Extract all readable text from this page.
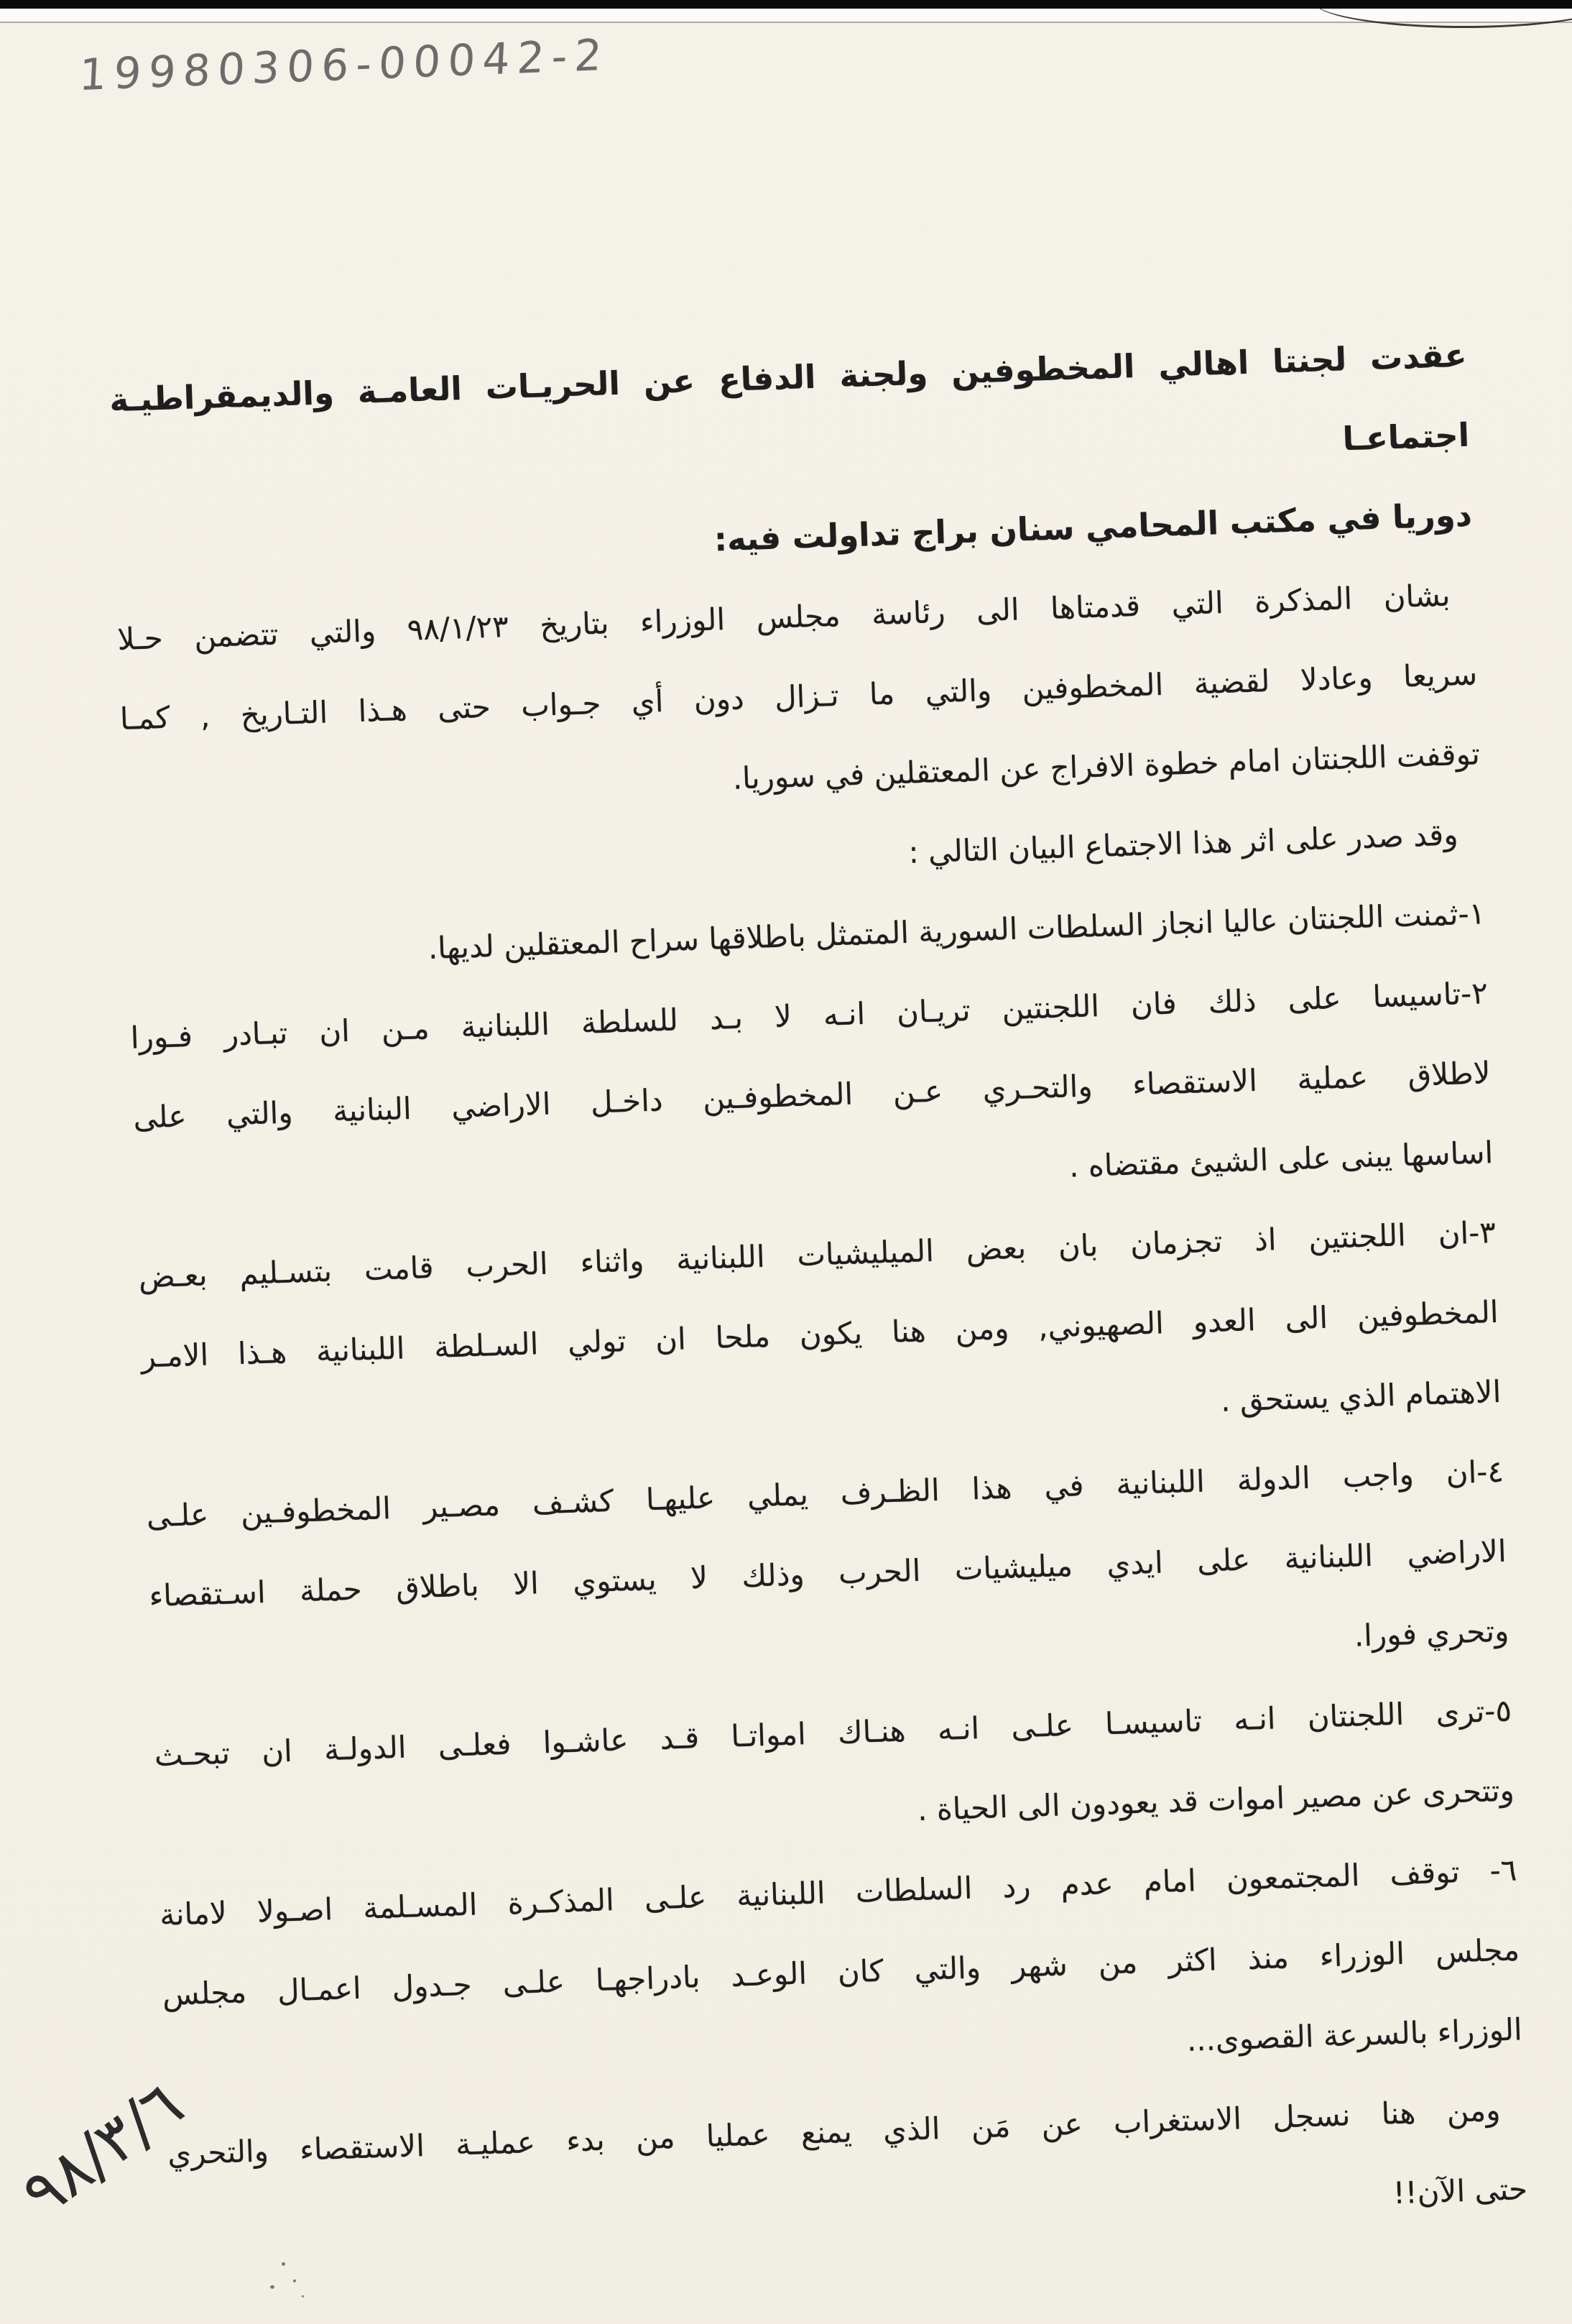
19980306-00042-2
عقدت لجنتا اهالي المخطوفين ولجنة الدفاع عن الحريـات العامـة والديمقراطيـة اجتماعـا
دوريا في مكتب المحامي سنان براج تداولت فيه:
بشان المذكرة التي قدمتاها الى رئاسة مجلس الوزراء بتاريخ ٩٨/١/٢٣ والتي تتضمن حـلا
سريعا وعادلا لقضية المخطوفين والتي ما تـزال دون أي جـواب حتى هـذا التـاريخ , كمـا
توقفت اللجنتان امام خطوة الافراج عن المعتقلين في سوريا.
وقد صدر على اثر هذا الاجتماع البيان التالي :
١-ثمنت اللجنتان عاليا انجاز السلطات السورية المتمثل باطلاقها سراح المعتقلين لديها.
٢-تاسيسا على ذلك فان اللجنتين تريـان انـه لا بـد للسلطة اللبنانية مـن ان تبـادر فـورا
لاطلاق عملية الاستقصاء والتحـري عـن المخطوفـين داخـل الاراضي البنانية والتي على
اساسها يبنى على الشيئ مقتضاه .
٣-ان اللجنتين اذ تجزمان بان بعض الميليشيات اللبنانية واثناء الحرب قامت بتسـليم بعـض
المخطوفين الى العدو الصهيوني, ومن هنا يكون ملحا ان تولي السـلطة اللبنانية هـذا الامـر
الاهتمام الذي يستحق .
٤-ان واجب الدولة اللبنانية في هذا الظـرف يملي عليهـا كشـف مصـير المخطوفـين علـى
الاراضي اللبنانية على ايدي ميليشيات الحرب وذلك لا يستوي الا باطلاق حملة اسـتقصاء
وتحري فورا.
٥-ترى اللجنتان انـه تاسيسـا علـى انـه هنـاك امواتـا قـد عاشـوا فعلـى الدولـة ان تبحـث
وتتحرى عن مصير اموات قد يعودون الى الحياة .
٦- توقف المجتمعون امام عدم رد السلطات اللبنانية علـى المذكـرة المسـلمة اصـولا لامانة
مجلس الوزراء منذ اكثر من شهر والتي كان الوعـد بادراجهـا علـى جـدول اعمـال مجلس
الوزراء بالسرعة القصوى...
ومن هنا نسجل الاستغراب عن مَن الذي يمنع عمليا من بدء عمليـة الاستقصاء والتحري
حتى الآن!!
٩٨/٣/٦
